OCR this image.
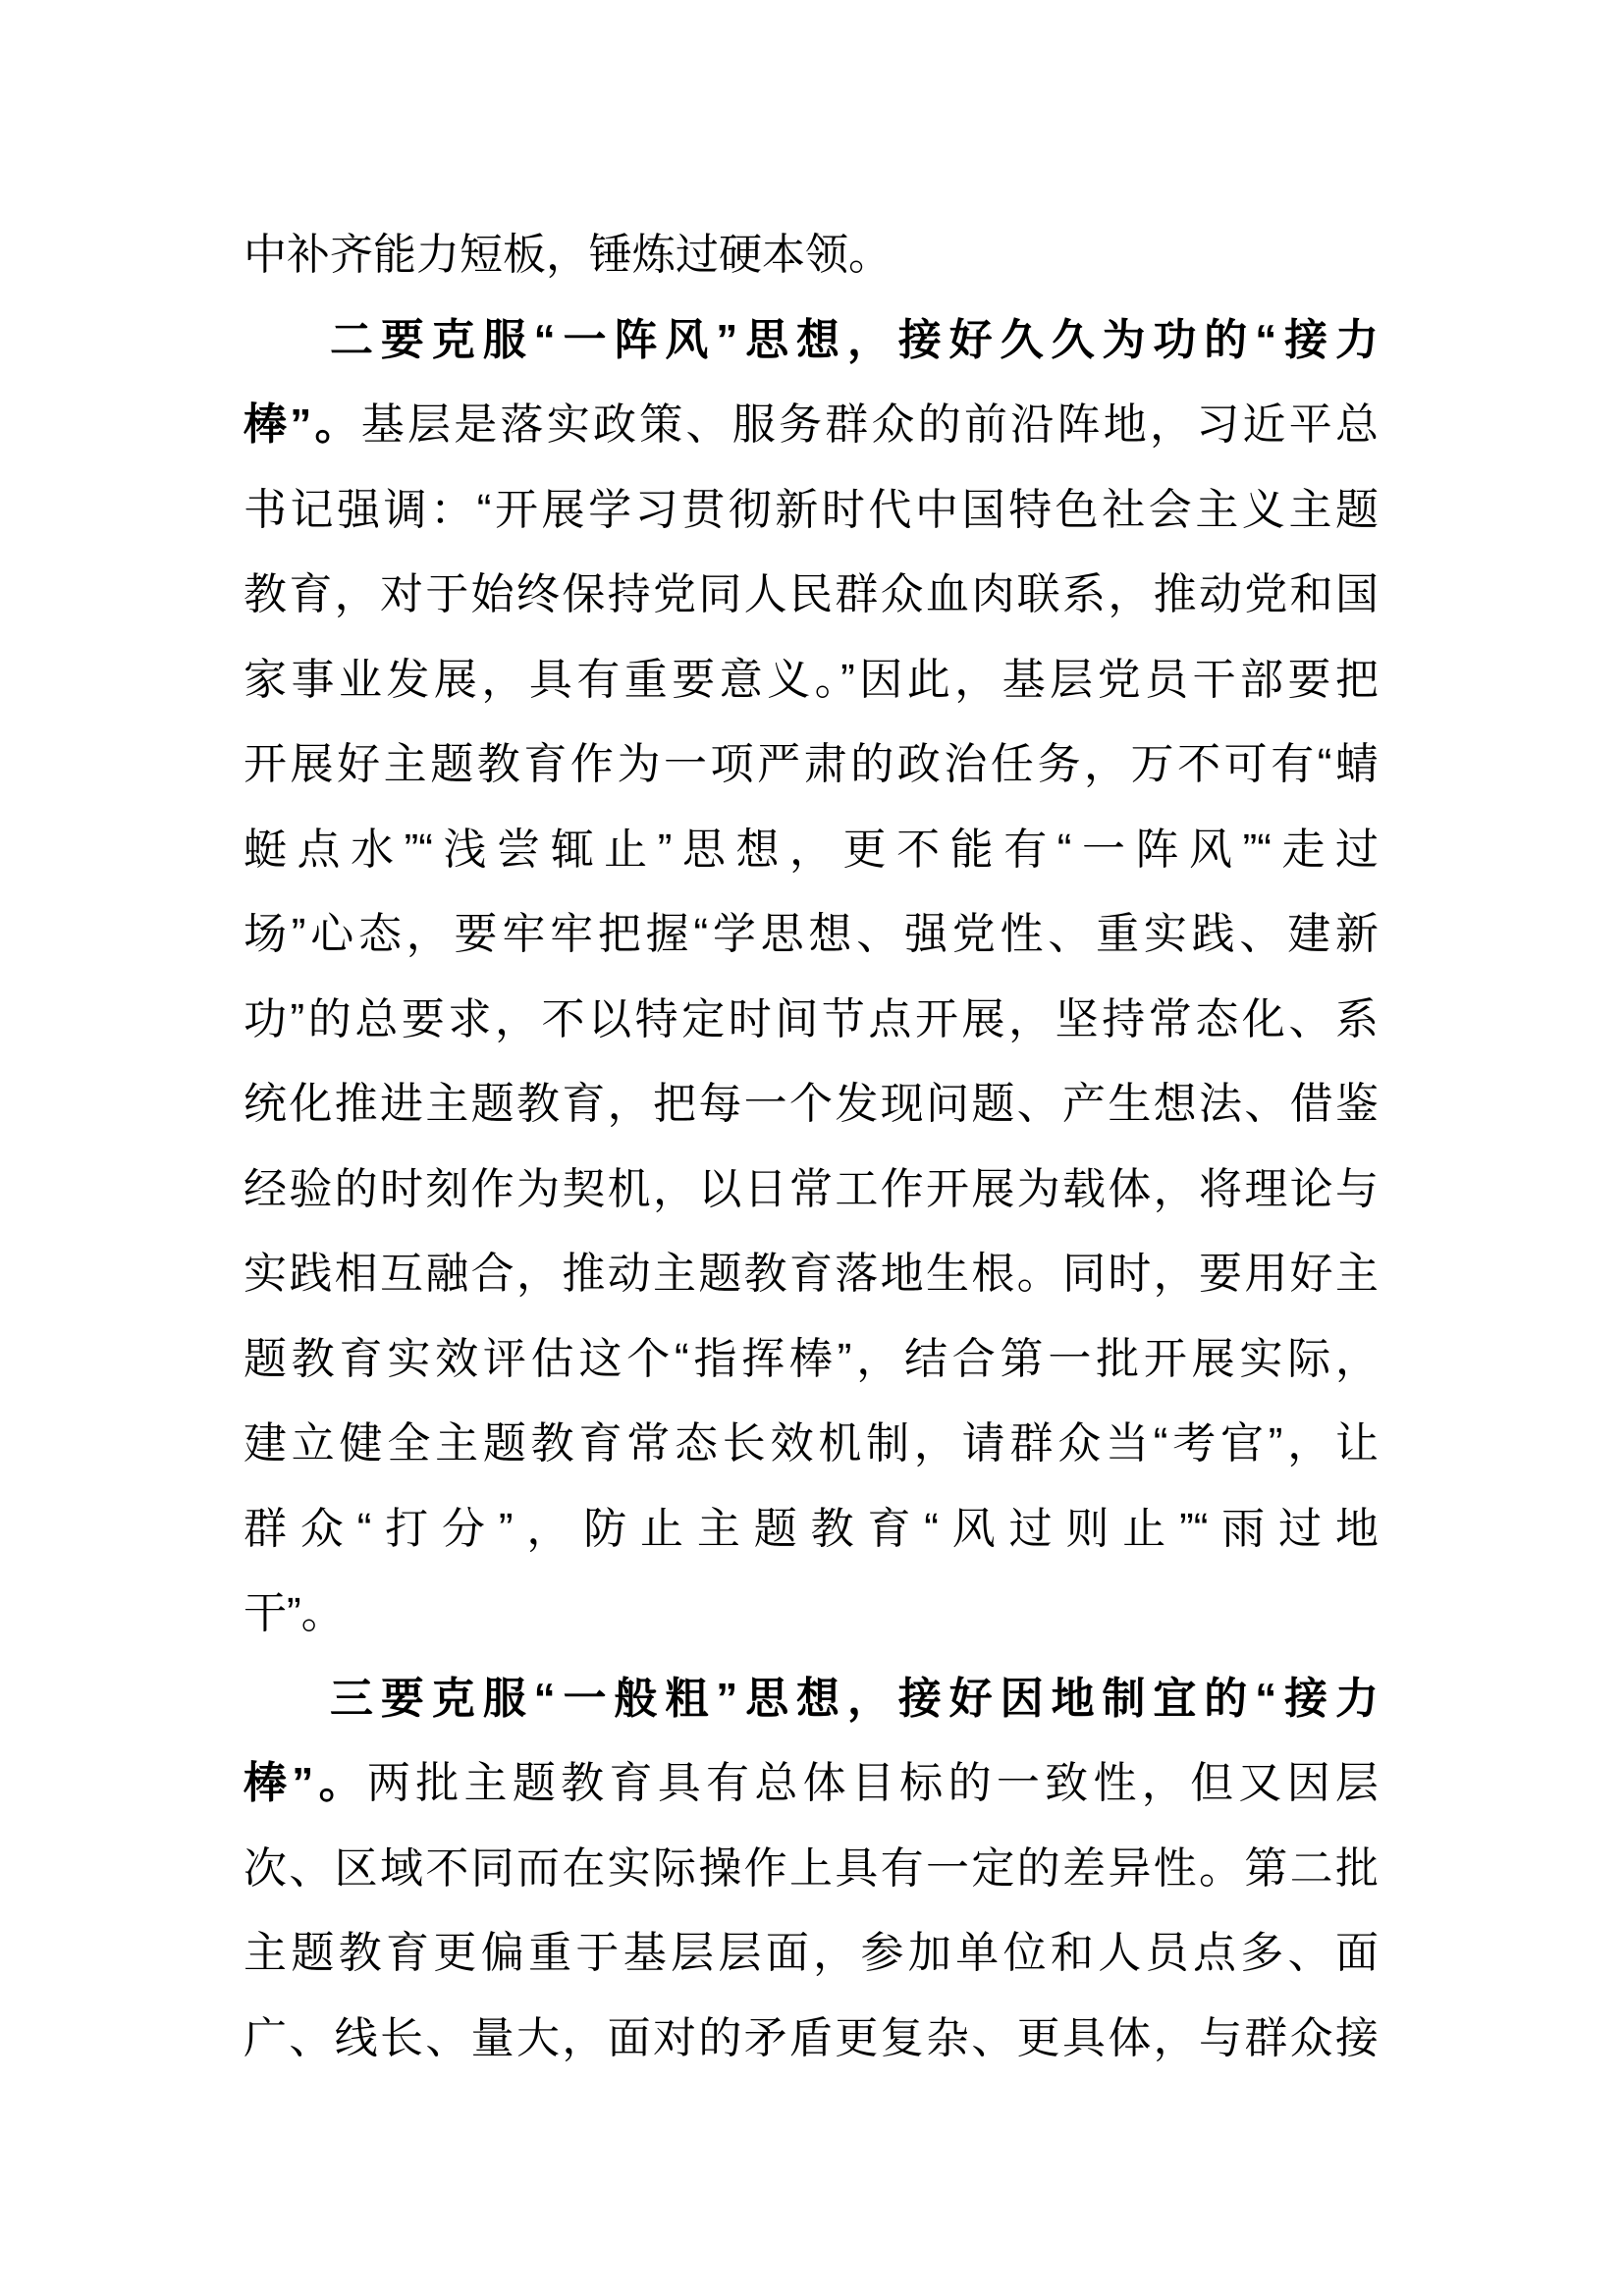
中补齐能力短板，锤炼过硬本领。
二要克服“一阵风”思想，接好久久为功的“接力
棒”。基层是落实政策、服务群众的前沿阵地，习近平总
书记强调：“开展学习贯彻新时代中国特色社会主义主题
教育，对于始终保持党同人民群众血肉联系，推动党和国
家事业发展，具有重要意义。”因此，基层党员干部要把
开展好主题教育作为一项严肃的政治任务，万不可有“蜻
蜓点水”“浅尝辄止”思想，更不能有“一阵风”“走过
场”心态，要牢牢把握“学思想、强党性、重实践、建新
功”的总要求，不以特定时间节点开展，坚持常态化、系
统化推进主题教育，把每一个发现问题、产生想法、借鉴
经验的时刻作为契机，以日常工作开展为载体，将理论与
实践相互融合，推动主题教育落地生根。同时，要用好主
题教育实效评估这个“指挥棒”，结合第一批开展实际，
建立健全主题教育常态长效机制，请群众当“考官”，让
群众“打分”，防止主题教育“风过则止”“雨过地
干”。
三要克服“一般粗”思想，接好因地制宜的“接力
棒”。两批主题教育具有总体目标的一致性，但又因层
次、区域不同而在实际操作上具有一定的差异性。第二批
主题教育更偏重于基层层面，参加单位和人员点多、面
广、线长、量大，面对的矛盾更复杂、更具体，与群众接
